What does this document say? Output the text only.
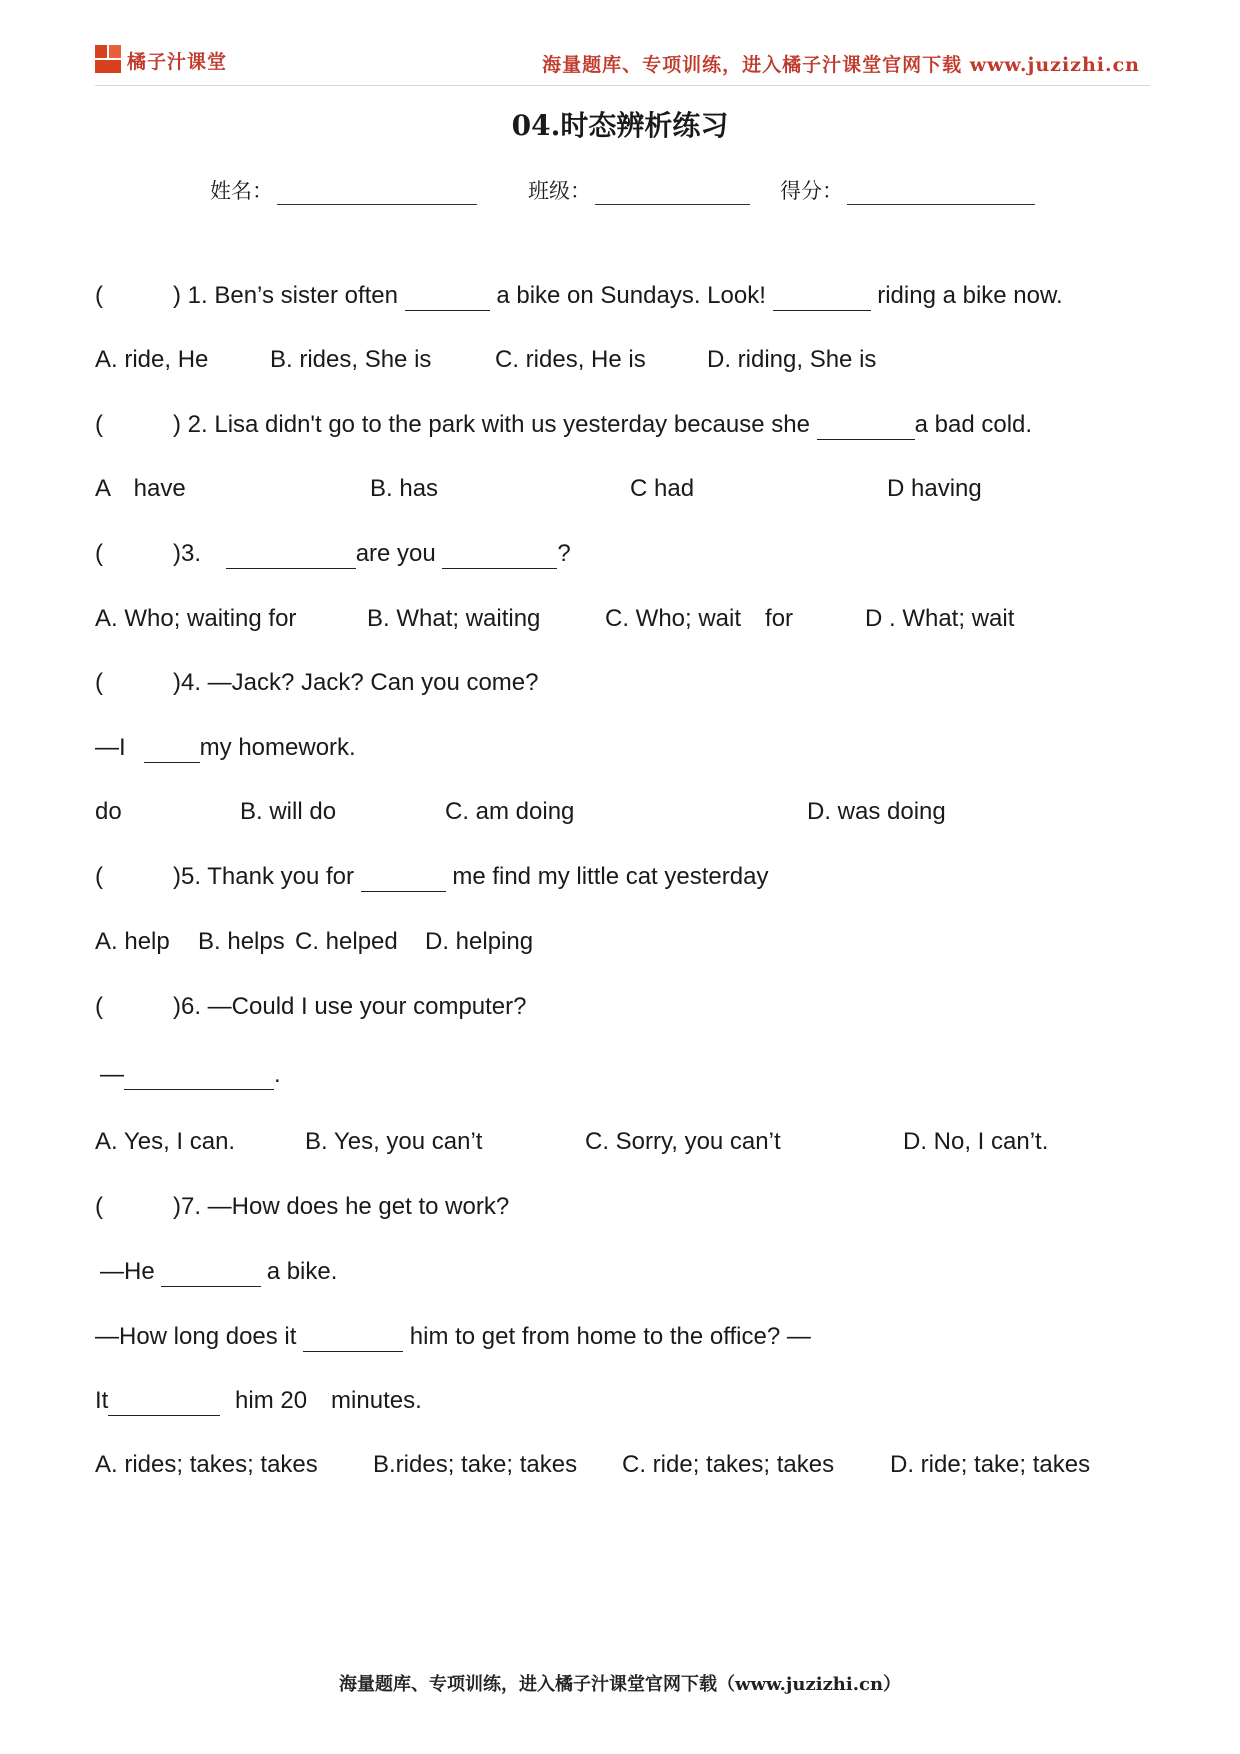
橘子汁课堂	海量题库、专项训练，进入橘子汁课堂官网下载 www.juzizhi.cn
04.时态辨析练习
姓名：	班级：	得分：
(	) 1. Ben’s sister often	a bike on Sundays. Look!	riding a bike now.
A. ride, He	B. rides, She is	C. rides, He is	D. riding, She is
(	) 2. Lisa didn't go to the park with us yesterday because she	a bad cold.
A　have	B. has	C had	D having
(	)3.	are you	?
A. Who; waiting for	B. What; waiting	C. Who; wait　for	D . What; wait
(	)4. —Jack? Jack? Can you come?
—I	my homework.
do	B. will do	C. am doing	D. was doing
(	)5. Thank you for	me find my little cat yesterday
A. help B. helps C. helped D. helping
(	)6. —Could I use your computer?
—	.
A. Yes, I can.	B. Yes, you can’t	C. Sorry, you can’t	D. No, I can’t.
(	)7. —How does he get to work?
—He	a bike.
—How long does it	him to get from home to the office? —
It	him 20　minutes.
A. rides; takes; takes B.rides; take; takes C. ride; takes; takes D. ride; take; takes
海量题库、专项训练，进入橘子汁课堂官网下载（www.juzizhi.cn）
